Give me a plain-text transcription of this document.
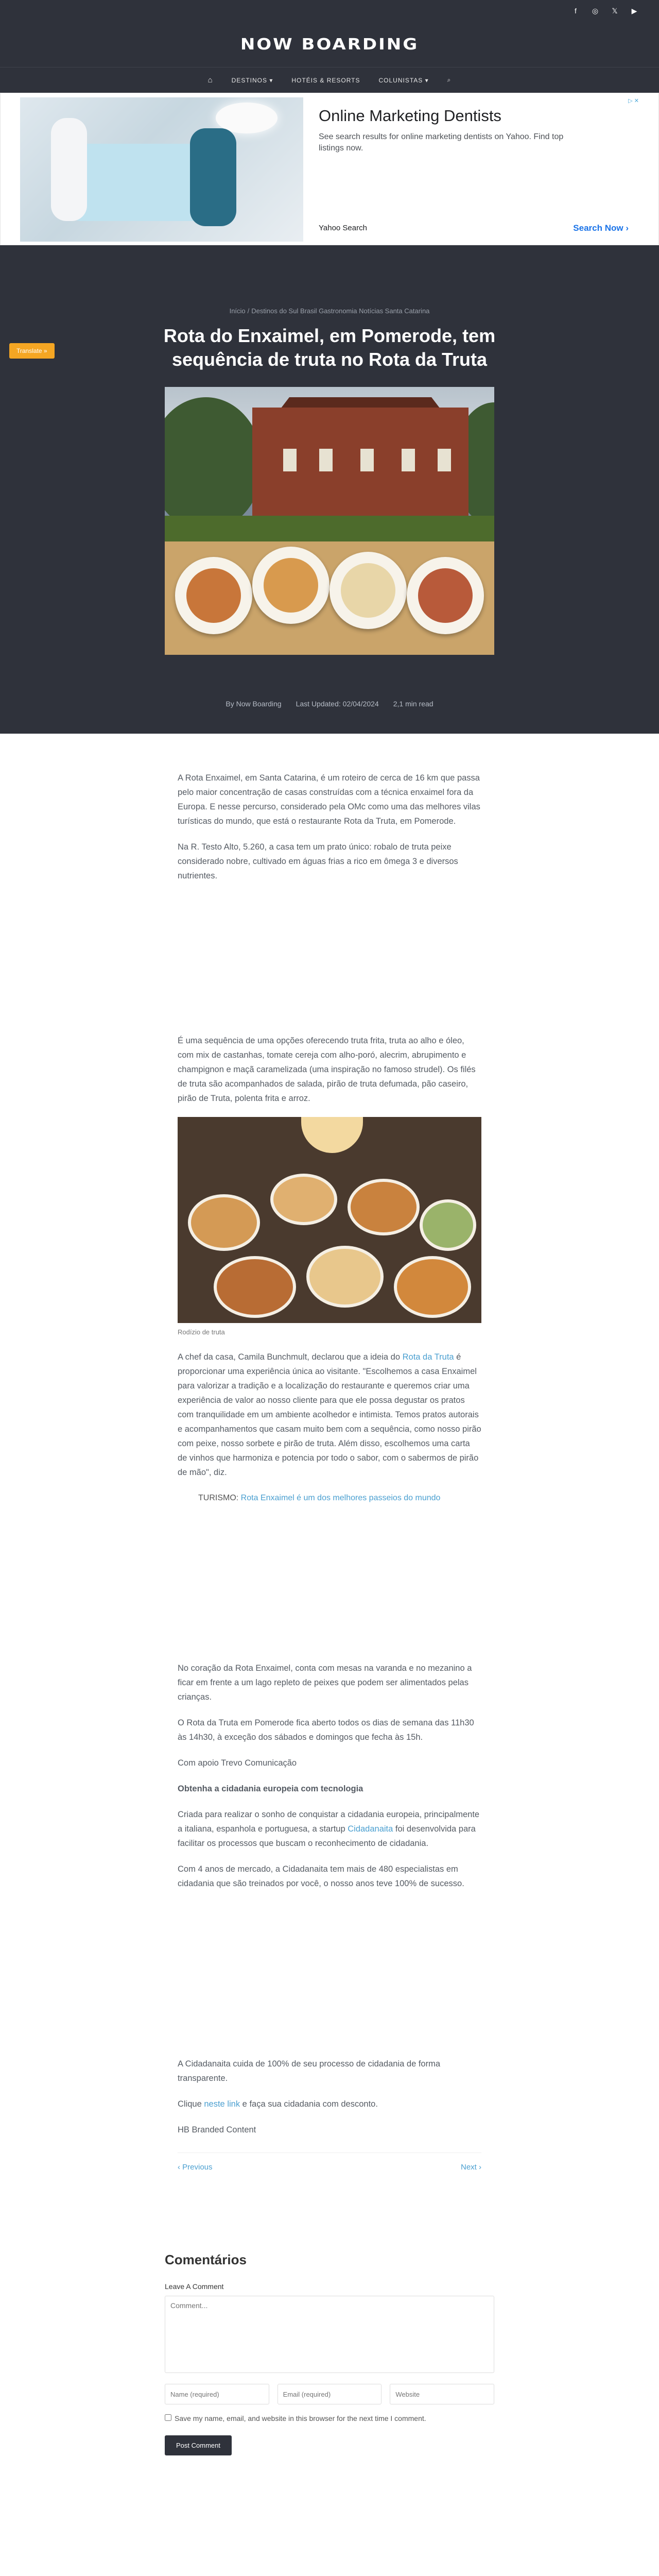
f	◎ 𝕏 ▶
NOW BOARDING
⌂	DESTINOS ▾	HOTÉIS & RESORTS	COLUNISTAS ▾	⌕
▷ ✕
Online Marketing Dentists
See search results for online marketing dentists on Yahoo. Find top listings now.
Yahoo Search	Search Now ›
Translate »
Início / Destinos do Sul Brasil Gastronomia Notícias Santa Catarina
Rota do Enxaimel, em Pomerode, tem sequência de truta no Rota da Truta
By Now Boarding Last Updated: 02/04/2024 2,1 min read

A Rota Enxaimel, em Santa Catarina, é um roteiro de cerca de 16 km que passa pelo maior concentração de casas construídas com a técnica enxaimel fora da Europa. E nesse percurso, considerado pela OMc como uma das melhores vilas turísticas do mundo, que está o restaurante Rota da Truta, em Pomerode.

Na R. Testo Alto, 5.260, a casa tem um prato único: robalo de truta peixe considerado nobre, cultivado em águas frias a rico em ômega 3 e diversos nutrientes.

É uma sequência de uma opções oferecendo truta frita, truta ao alho e óleo, com mix de castanhas, tomate cereja com alho-poró, alecrim, abrupimento e champignon e maçã caramelizada (uma inspiração no famoso strudel). Os filés de truta são acompanhados de salada, pirão de truta defumada, pão caseiro, pirão de Truta, polenta frita e arroz.

Rodízio de truta

A chef da casa, Camila Bunchmult, declarou que a ideia do Rota da Truta é proporcionar uma experiência única ao visitante. "Escolhemos a casa Enxaimel para valorizar a tradição e a localização do restaurante e queremos criar uma experiência de valor ao nosso cliente para que ele possa degustar os pratos com tranquilidade em um ambiente acolhedor e intimista. Temos pratos autorais e acompanhamentos que casam muito bem com a sequência, como nosso pirão com peixe, nosso sorbete e pirão de truta. Além disso, escolhemos uma carta de vinhos que harmoniza e potencia por todo o sabor, com o sabermos de pirão de mão", diz.

TURISMO: Rota Enxaimel é um dos melhores passeios do mundo

No coração da Rota Enxaimel, conta com mesas na varanda e no mezanino a ficar em frente a um lago repleto de peixes que podem ser alimentados pelas crianças.

O Rota da Truta em Pomerode fica aberto todos os dias de semana das 11h30 às 14h30, à exceção dos sábados e domingos que fecha às 15h.

Com apoio Trevo Comunicação

Obtenha a cidadania europeia com tecnologia

Criada para realizar o sonho de conquistar a cidadania europeia, principalmente a italiana, espanhola e portuguesa, a startup Cidadanaita foi desenvolvida para facilitar os processos que buscam o reconhecimento de cidadania.

Com 4 anos de mercado, a Cidadanaita tem mais de 480 especialistas em cidadania que são treinados por você, o nosso anos teve 100% de sucesso.

A Cidadanaita cuida de 100% de seu processo de cidadania de forma transparente.

Clique neste link e faça sua cidadania com desconto.

HB Branded Content

‹ Previous	Next ›
Comentários
Leave A Comment
Comment...
Name (required)
Email (required)
Website
Save my name, email, and website in this browser for the next time I comment.
Post Comment
